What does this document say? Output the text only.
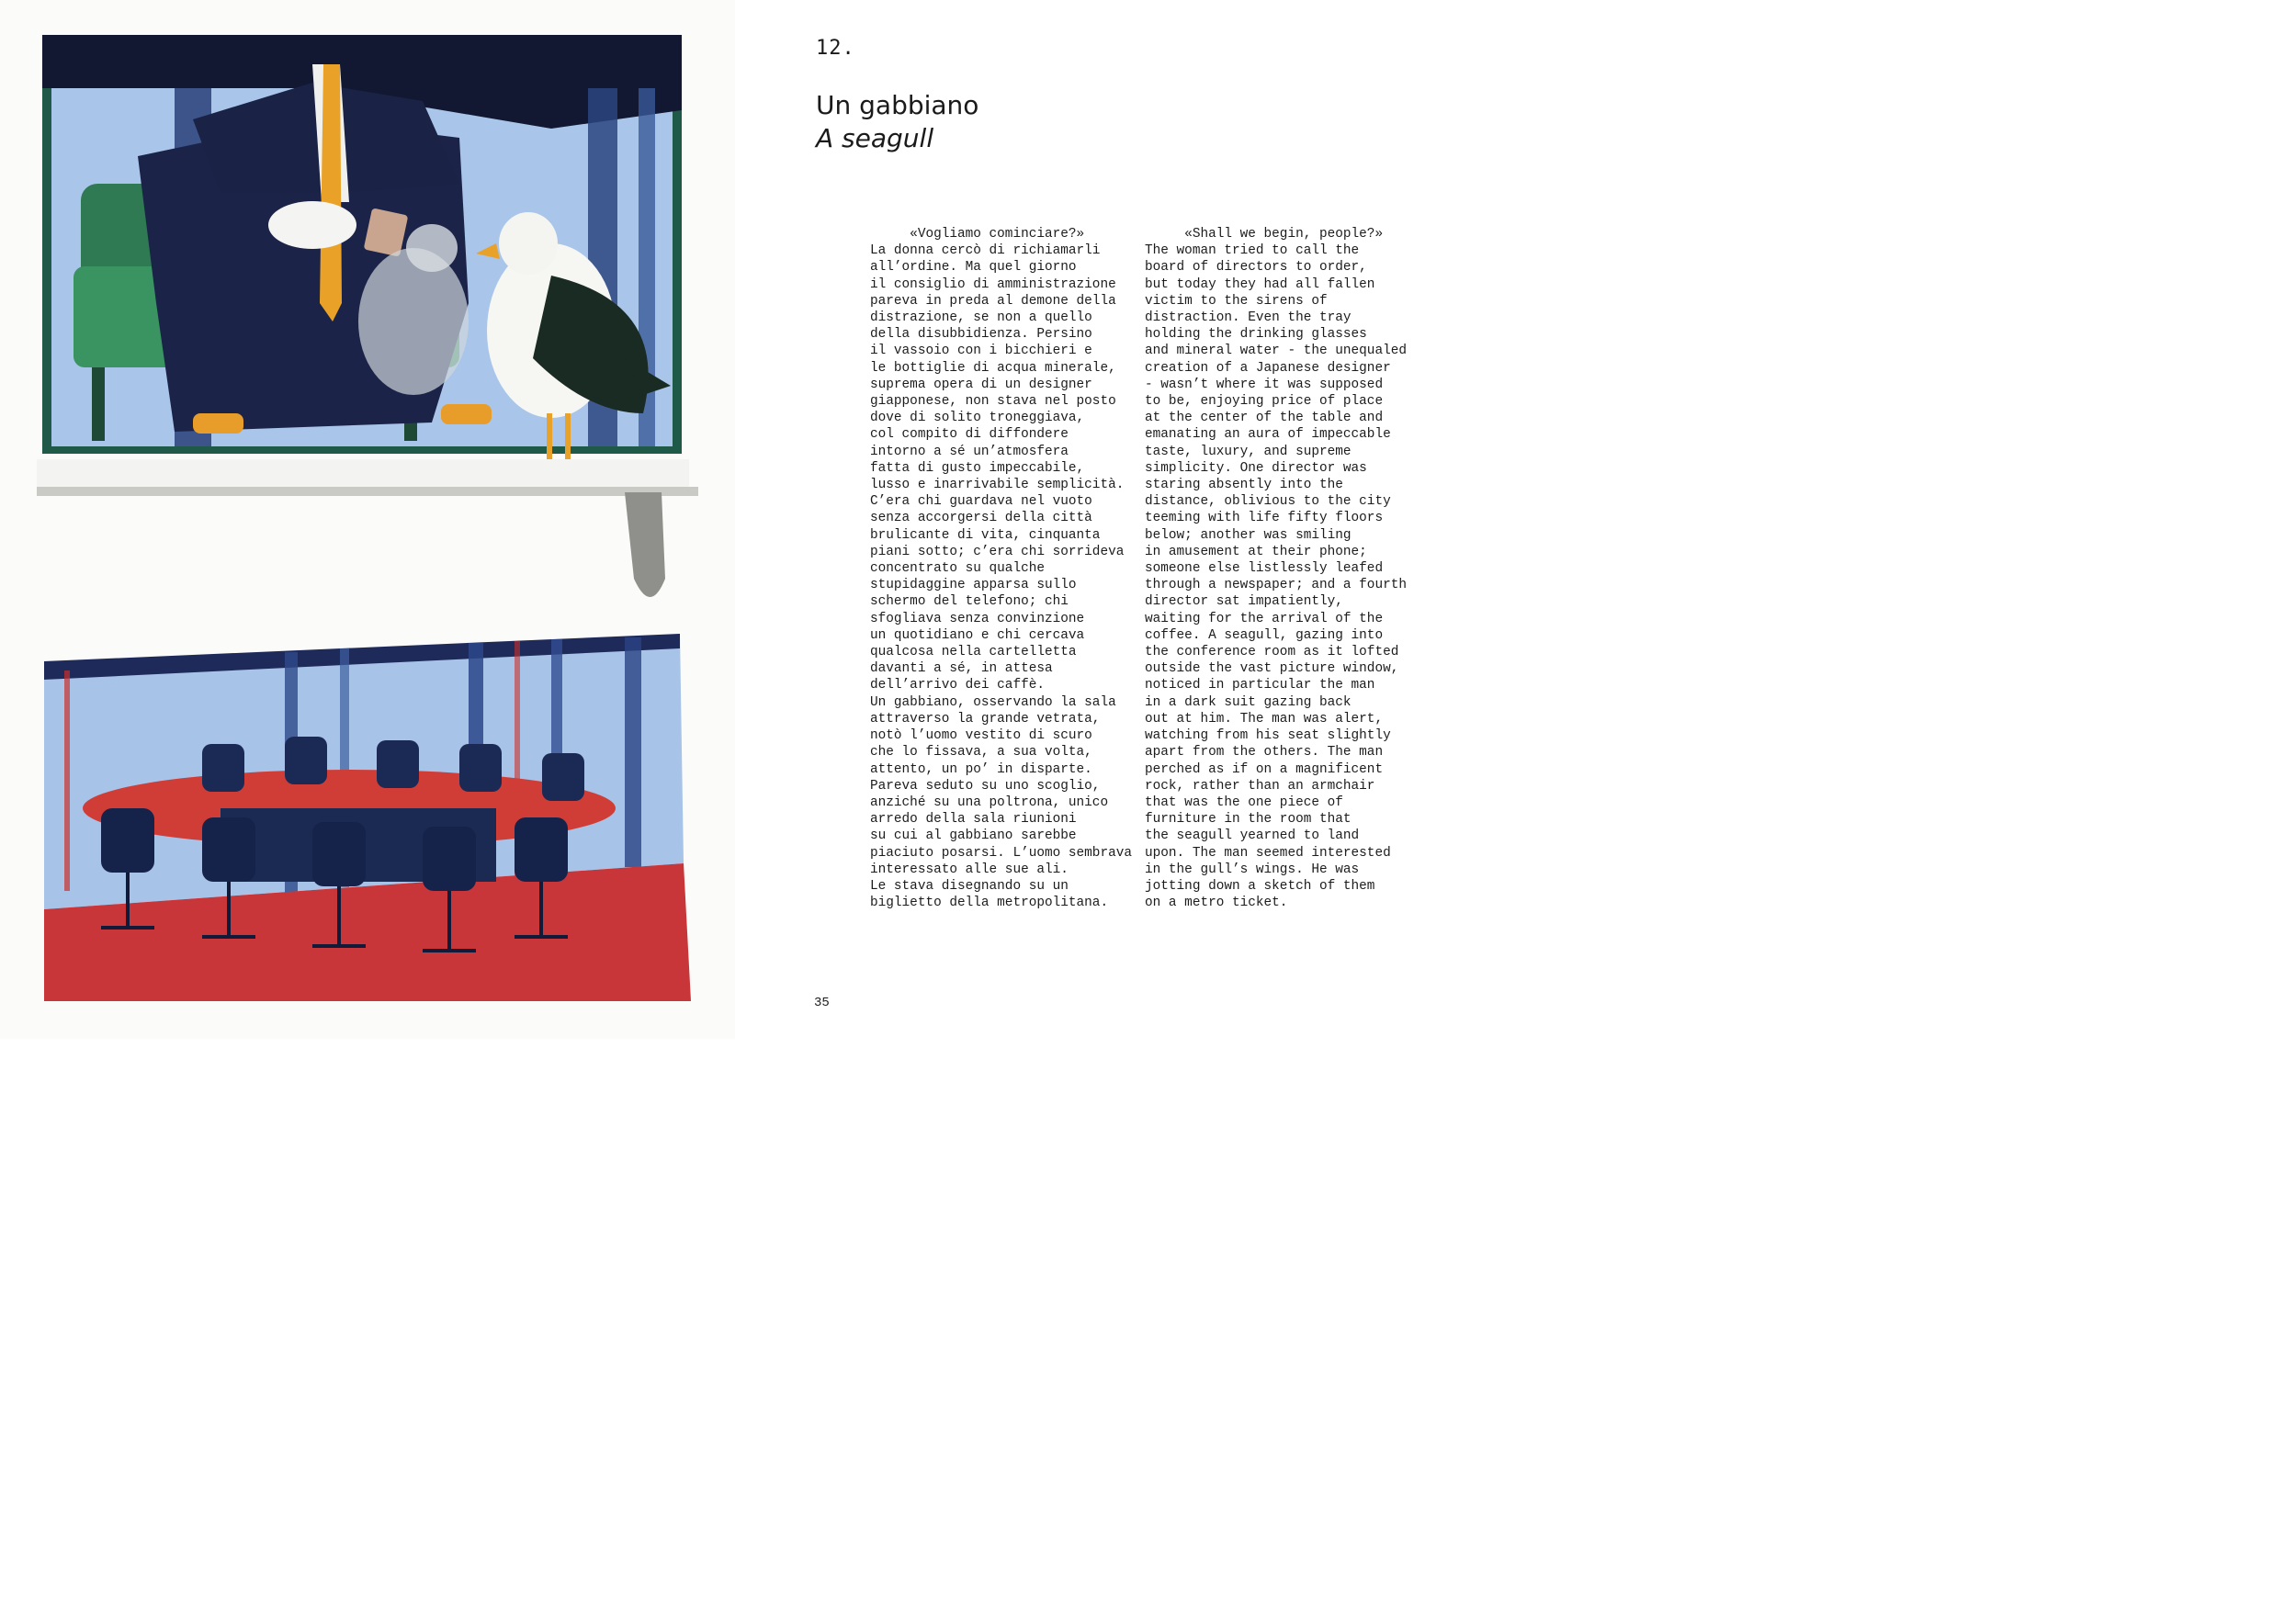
12.
Un gabbiano
A seagull
«Vogliamo cominciare?»
La donna cercò di richiamarli
all’ordine. Ma quel giorno
il consiglio di amministrazione
pareva in preda al demone della
distrazione, se non a quello
della disubbidienza. Persino
il vassoio con i bicchieri e
le bottiglie di acqua minerale,
suprema opera di un designer
giapponese, non stava nel posto
dove di solito troneggiava,
col compito di diffondere
intorno a sé un’atmosfera
fatta di gusto impeccabile,
lusso e inarrivabile semplicità.
C’era chi guardava nel vuoto
senza accorgersi della città
brulicante di vita, cinquanta
piani sotto; c’era chi sorrideva
concentrato su qualche
stupidaggine apparsa sullo
schermo del telefono; chi
sfogliava senza convinzione
un quotidiano e chi cercava
qualcosa nella cartelletta
davanti a sé, in attesa
dell’arrivo dei caffè.
Un gabbiano, osservando la sala
attraverso la grande vetrata,
notò l’uomo vestito di scuro
che lo fissava, a sua volta,
attento, un po’ in disparte.
Pareva seduto su uno scoglio,
anziché su una poltrona, unico
arredo della sala riunioni
su cui al gabbiano sarebbe
piaciuto posarsi. L’uomo sembrava
interessato alle sue ali.
Le stava disegnando su un
biglietto della metropolitana.
«Shall we begin, people?»
The woman tried to call the
board of directors to order,
but today they had all fallen
victim to the sirens of
distraction. Even the tray
holding the drinking glasses
and mineral water - the unequaled
creation of a Japanese designer
- wasn’t where it was supposed
to be, enjoying price of place
at the center of the table and
emanating an aura of impeccable
taste, luxury, and supreme
simplicity. One director was
staring absently into the
distance, oblivious to the city
teeming with life fifty floors
below; another was smiling
in amusement at their phone;
someone else listlessly leafed
through a newspaper; and a fourth
director sat impatiently,
waiting for the arrival of the
coffee. A seagull, gazing into
the conference room as it lofted
outside the vast picture window,
noticed in particular the man
in a dark suit gazing back
out at him. The man was alert,
watching from his seat slightly
apart from the others. The man
perched as if on a magnificent
rock, rather than an armchair
that was the one piece of
furniture in the room that
the seagull yearned to land
upon. The man seemed interested
in the gull’s wings. He was
jotting down a sketch of them
on a metro ticket.
35
